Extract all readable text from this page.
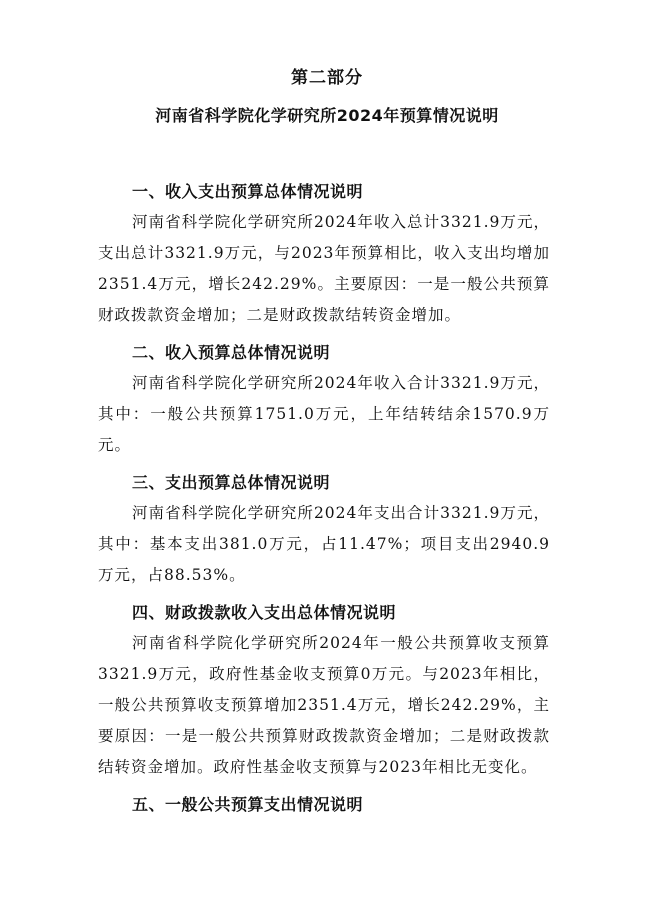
第二部分
河南省科学院化学研究所2024年预算情况说明

一、收入支出预算总体情况说明

河南省科学院化学研究所2024年收入总计3321.9万元，支出总计3321.9万元，与2023年预算相比，收入支出均增加2351.4万元，增长242.29%。主要原因：一是一般公共预算财政拨款资金增加；二是财政拨款结转资金增加。

二、收入预算总体情况说明

河南省科学院化学研究所2024年收入合计3321.9万元，其中：一般公共预算1751.0万元，上年结转结余1570.9万元。

三、支出预算总体情况说明

河南省科学院化学研究所2024年支出合计3321.9万元，其中：基本支出381.0万元，占11.47%；项目支出2940.9万元，占88.53%。

四、财政拨款收入支出总体情况说明

河南省科学院化学研究所2024年一般公共预算收支预算3321.9万元，政府性基金收支预算0万元。与2023年相比，一般公共预算收支预算增加2351.4万元，增长242.29%，主要原因：一是一般公共预算财政拨款资金增加；二是财政拨款结转资金增加。政府性基金收支预算与2023年相比无变化。

五、一般公共预算支出情况说明
